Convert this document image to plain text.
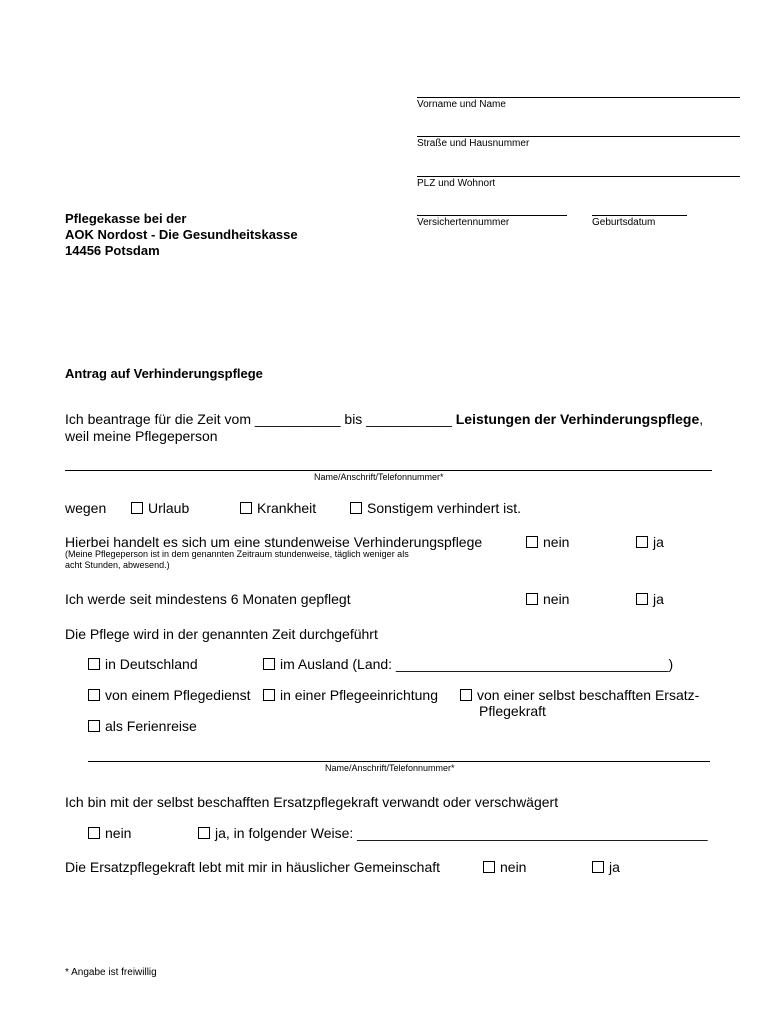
Vorname und Name
Straße und Hausnummer
PLZ und Wohnort
Versichertennummer	Geburtsdatum
Pflegekasse bei der
AOK Nordost - Die Gesundheitskasse
14456 Potsdam
Antrag auf Verhinderungspflege
Ich beantrage für die Zeit vom ___________ bis ___________ Leistungen der Verhinderungspflege,
weil meine Pflegeperson
Name/Anschrift/Telefonnummer*
wegen	Urlaub	Krankheit	Sonstigem verhindert ist.
Hierbei handelt es sich um eine stundenweise Verhinderungspflege
(Meine Pflegeperson ist in dem genannten Zeitraum stundenweise, täglich weniger als
acht Stunden, abwesend.)
nein	ja
Ich werde seit mindestens 6 Monaten gepflegt	nein	ja
Die Pflege wird in der genannten Zeit durchgeführt
in Deutschland	im Ausland (Land: ___________________________________)
von einem Pflegedienst	in einer Pflegeeinrichtung	von einer selbst beschafften Ersatz-
Pflegekraft
als Ferienreise
Name/Anschrift/Telefonnummer*
Ich bin mit der selbst beschafften Ersatzpflegekraft verwandt oder verschwägert
nein	ja, in folgender Weise: _____________________________________________
Die Ersatzpflegekraft lebt mit mir in häuslicher Gemeinschaft	nein	ja
* Angabe ist freiwillig
